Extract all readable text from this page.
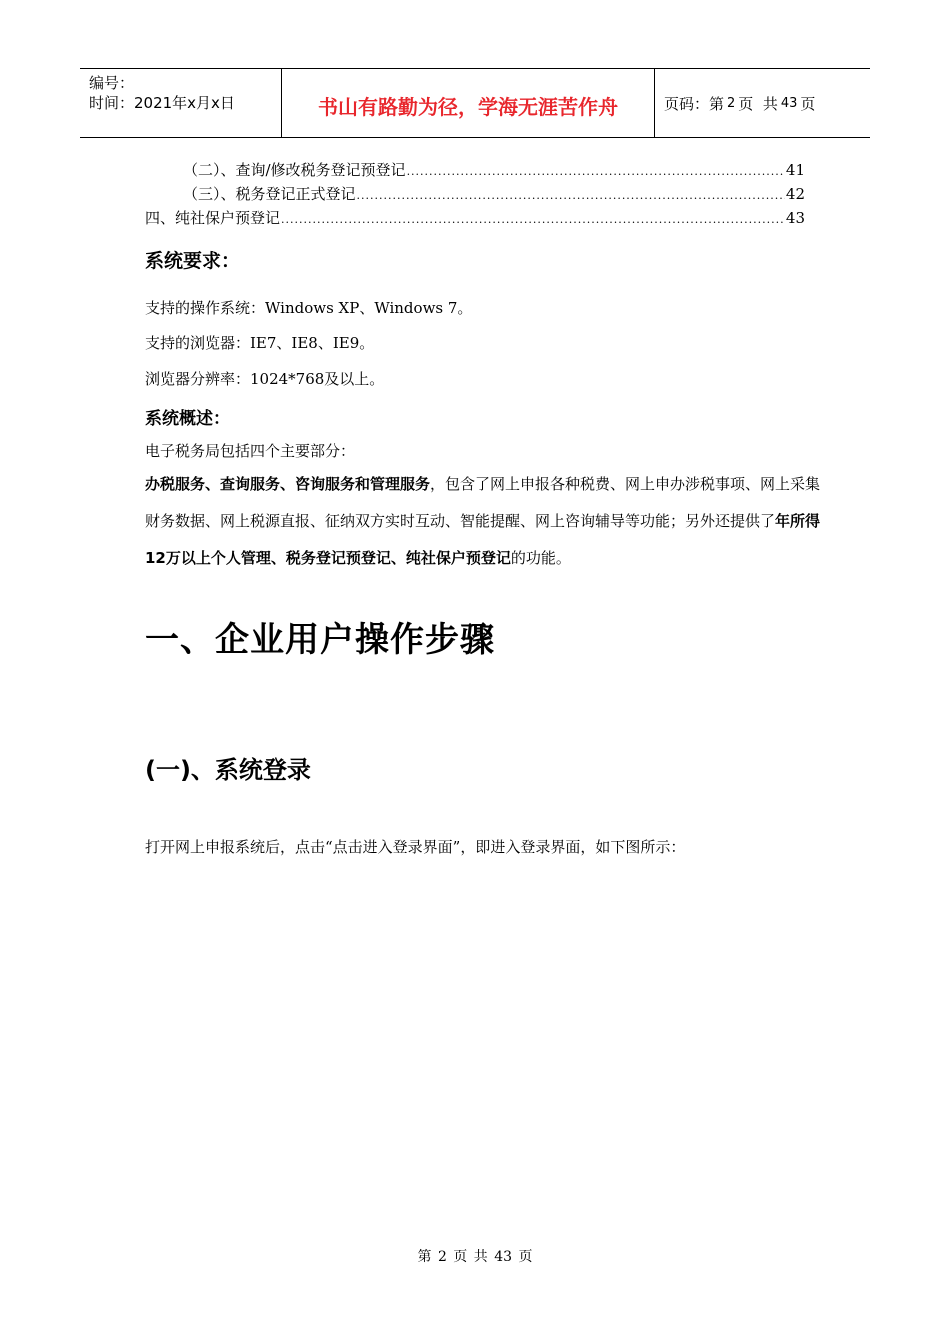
编号：
时间：2021年x月x日	书山有路勤为径，学海无涯苦作舟	页码：第 2 页  共 43 页
（二）、查询/修改税务登记预登记 .....	41
（三）、税务登记正式登记 .....	42
四、纯社保户预登记 .....	43
系统要求：
支持的操作系统：Windows XP、Windows 7。
支持的浏览器：IE7、IE8、IE9。
浏览器分辨率：1024*768及以上。
系统概述：
电子税务局包括四个主要部分：
办税服务、查询服务、咨询服务和管理服务，包含了网上申报各种税费、网上申办涉税事项、网上采集财务数据、网上税源直报、征纳双方实时互动、智能提醒、网上咨询辅导等功能；另外还提供了年所得12万以上个人管理、税务登记预登记、纯社保户预登记的功能。
一、企业用户操作步骤
(一)、系统登录
打开网上申报系统后，点击“点击进入登录界面”，即进入登录界面，如下图所示：
第 2 页 共 43 页
